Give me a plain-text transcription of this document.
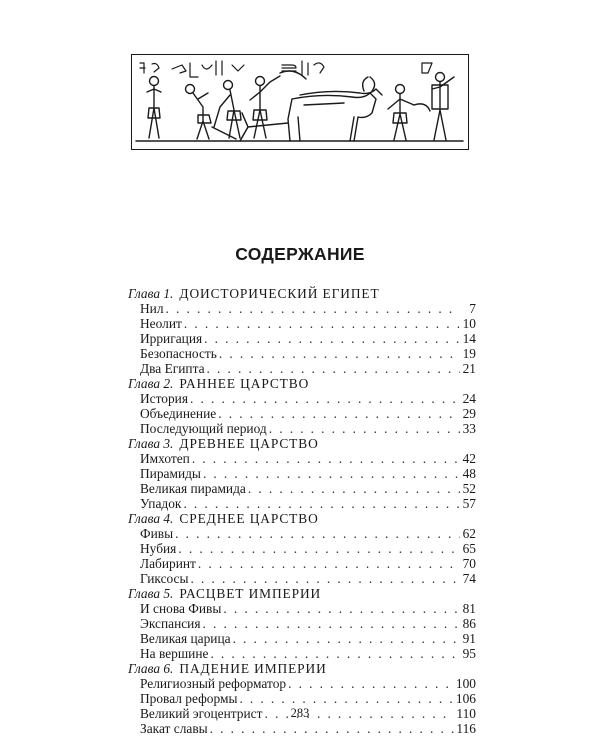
СОДЕРЖАНИЕ
Глава 1. ДОИСТОРИЧЕСКИЙ ЕГИПЕТ
Нил . . .	7
Неолит . . .	10
Ирригация . . .	14
Безопасность . . .	19
Два Египта . . .	21
Глава 2. РАННЕЕ ЦАРСТВО
История . . .	24
Объединение . . .	29
Последующий период . . .	33
Глава 3. ДРЕВНЕЕ ЦАРСТВО
Имхотеп . . .	42
Пирамиды . . .	48
Великая пирамида . . .	52
Упадок . . .	57
Глава 4. СРЕДНЕЕ ЦАРСТВО
Фивы . . .	62
Нубия . . .	65
Лабиринт . . .	70
Гиксосы . . .	74
Глава 5. РАСЦВЕТ ИМПЕРИИ
И снова Фивы . . .	81
Экспансия . . .	86
Великая царица . . .	91
На вершине . . .	95
Глава 6. ПАДЕНИЕ ИМПЕРИИ
Религиозный реформатор . . .	100
Провал реформы . . .	106
Великий эгоцентрист . . .	110
Закат славы . . .	116
283
